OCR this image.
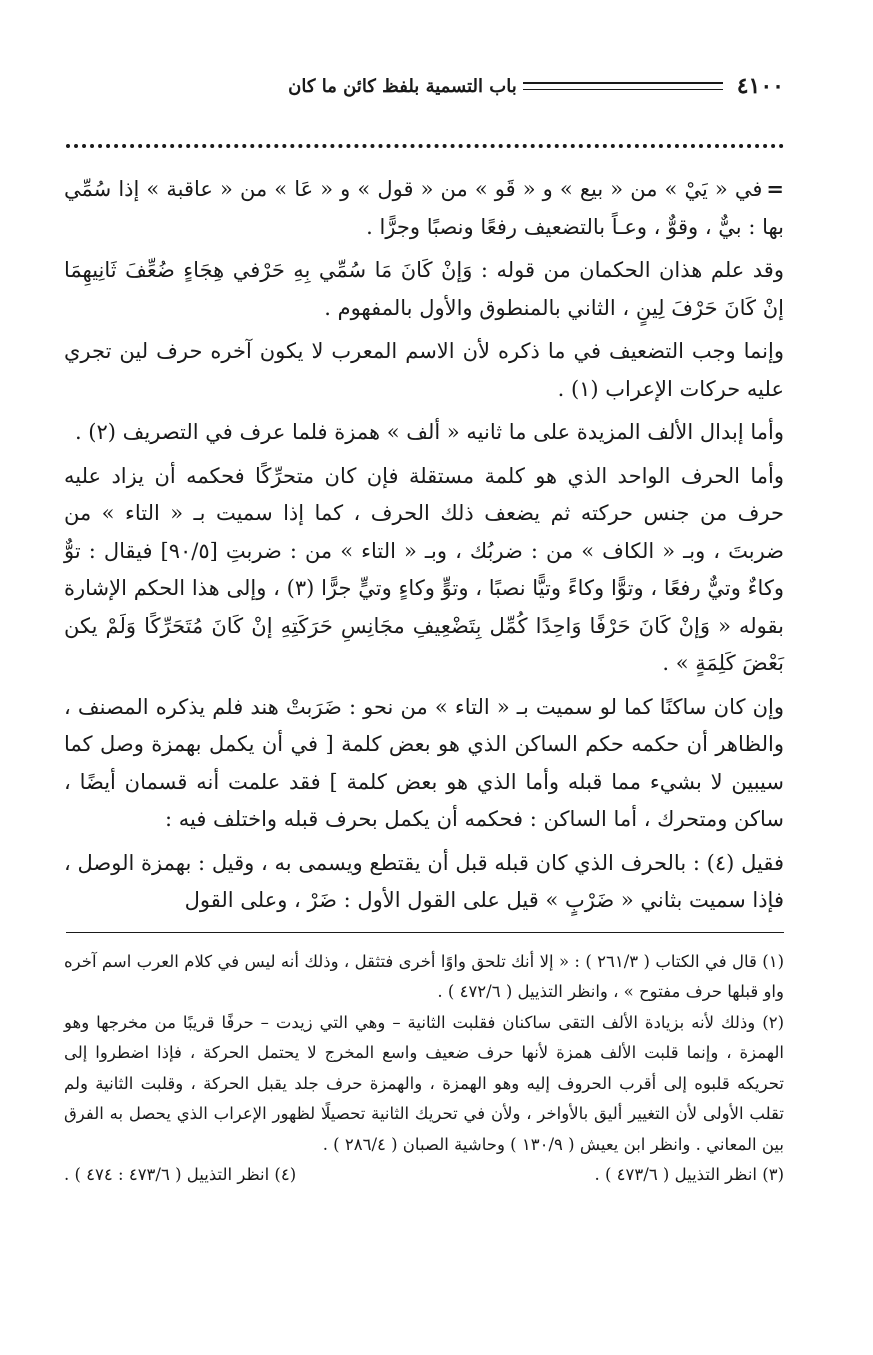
٤١٠٠
باب التسمية بلفظ كائن ما كان

=في « يَيْ » من « بيع » و « قَو » من « قول » و « عَا » من « عاقبة » إذا سُمِّي بها : بيٌّ ، وقوٌّ ، وعـاً بالتضعيف رفعًا ونصبًا وجرًّا .

وقد علم هذان الحكمان من قوله : وَإنْ كَانَ مَا سُمِّي بِهِ حَرْفي هِجَاءٍ ضُعِّفَ ثَانِيهِمَا إنْ كَانَ حَرْفَ لِينٍ ، الثاني بالمنطوق والأول بالمفهوم .

وإنما وجب التضعيف في ما ذكره لأن الاسم المعرب لا يكون آخره حرف لين تجري عليه حركات الإعراب (١) .

وأما إبدال الألف المزيدة على ما ثانيه « ألف » همزة فلما عرف في التصريف (٢) .

وأما الحرف الواحد الذي هو كلمة مستقلة فإن كان متحرِّكًا فحكمه أن يزاد عليه حرف من جنس حركته ثم يضعف ذلك الحرف ، كما إذا سميت بـ « التاء » من ضربتَ ، وبـ « الكاف » من : ضربُك ، وبـ « التاء » من : ضربتِ [٩٠/٥] فيقال : توٌّ وكاءٌ وتيٌّ رفعًا ، وتوًّا وكاءً وتيًّا نصبًا ، وتوٍّ وكاءٍ وتيٍّ جرًّا (٣) ، وإلى هذا الحكم الإشارة بقوله « وَإنْ كَانَ حَرْفًا وَاحِدًا كُمِّل بِتَضْعِيفِ مجَانِسِ حَرَكَتِهِ إنْ كَانَ مُتَحَرِّكًا وَلَمْ يكن بَعْضَ كَلِمَةٍ » .

وإن كان ساكنًا كما لو سميت بـ « التاء » من نحو : ضَرَبتْ هند فلم يذكره المصنف ، والظاهر أن حكمه حكم الساكن الذي هو بعض كلمة [ في أن يكمل بهمزة وصل كما سيبين لا بشيء مما قبله وأما الذي هو بعض كلمة ] فقد علمت أنه قسمان أيضًا ، ساكن ومتحرك ، أما الساكن : فحكمه أن يكمل بحرف قبله واختلف فيه :

فقيل (٤) : بالحرف الذي كان قبله قبل أن يقتطع ويسمى به ، وقيل : بهمزة الوصل ، فإذا سميت بثاني « ضَرْبٍ » قيل على القول الأول : ضَرْ ، وعلى القول

(١) قال في الكتاب ( ٢٦١/٣ ) : « إلا أنك تلحق واوًا أخرى فتثقل ، وذلك أنه ليس في كلام العرب اسم آخره واو قبلها حرف مفتوح » ، وانظر التذييل ( ٤٧٢/٦ ) .

(٢) وذلك لأنه بزيادة الألف التقى ساكنان فقلبت الثانية – وهي التي زيدت – حرفًا قريبًا من مخرجها وهو الهمزة ، وإنما قلبت الألف همزة لأنها حرف ضعيف واسع المخرج لا يحتمل الحركة ، فإذا اضطروا إلى تحريكه قلبوه إلى أقرب الحروف إليه وهو الهمزة ، والهمزة حرف جلد يقبل الحركة ، وقلبت الثانية ولم تقلب الأولى لأن التغيير أليق بالأواخر ، ولأن في تحريك الثانية تحصيلًا لظهور الإعراب الذي يحصل به الفرق بين المعاني . وانظر ابن يعيش ( ١٣٠/٩ ) وحاشية الصبان ( ٢٨٦/٤ ) .

(٣) انظر التذييل ( ٤٧٣/٦ ) .
(٤) انظر التذييل ( ٤٧٣/٦ : ٤٧٤ ) .
